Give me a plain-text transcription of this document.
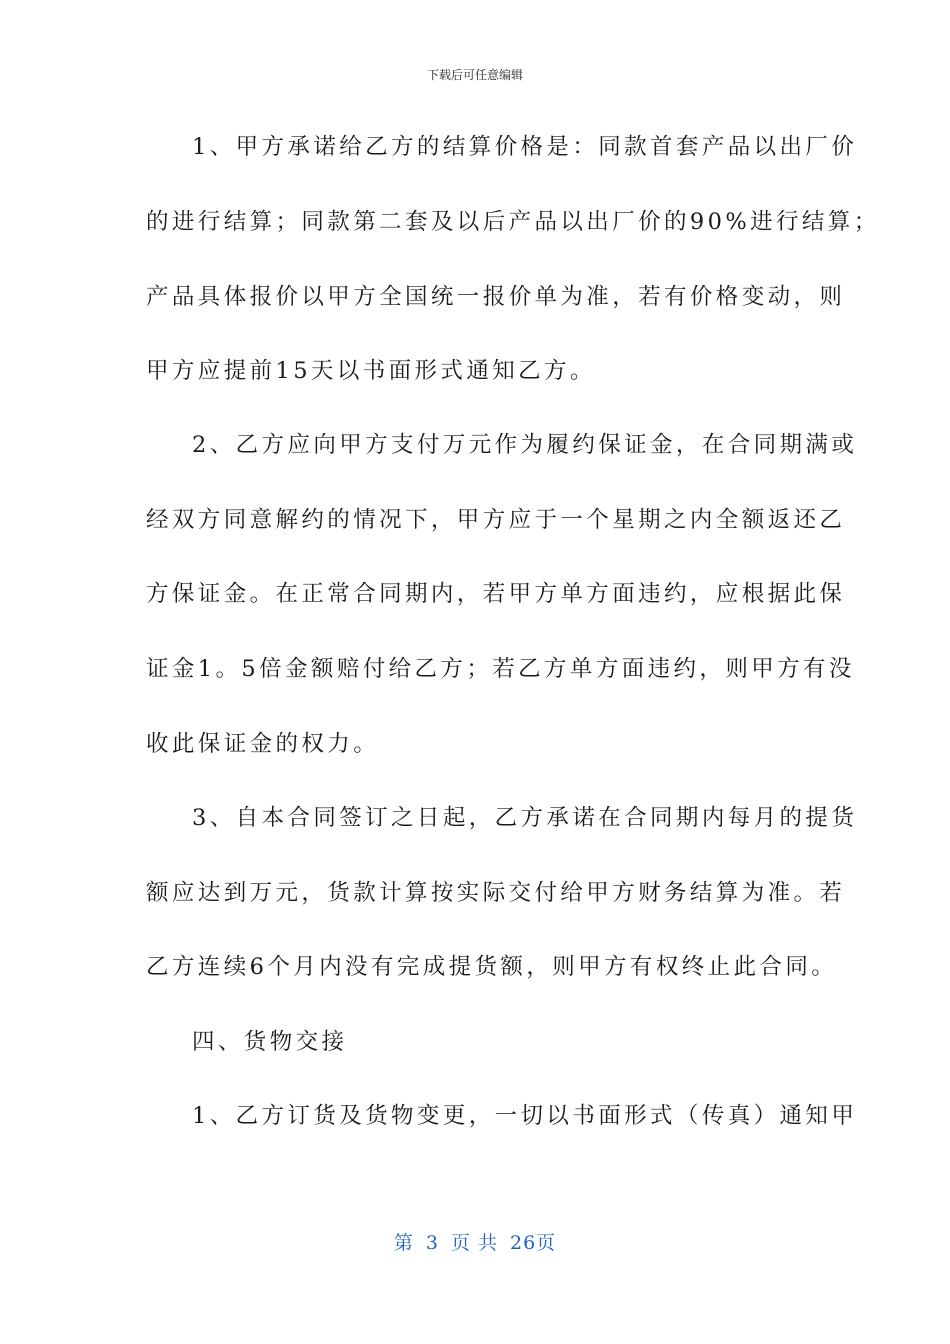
下载后可任意编辑
1、甲方承诺给乙方的结算价格是：同款首套产品以出厂价
的进行结算；同款第二套及以后产品以出厂价的90%进行结算；
产品具体报价以甲方全国统一报价单为准，若有价格变动，则
甲方应提前15天以书面形式通知乙方。
2、乙方应向甲方支付万元作为履约保证金，在合同期满或
经双方同意解约的情况下，甲方应于一个星期之内全额返还乙
方保证金。在正常合同期内，若甲方单方面违约，应根据此保
证金1。5倍金额赔付给乙方；若乙方单方面违约，则甲方有没
收此保证金的权力。
3、自本合同签订之日起，乙方承诺在合同期内每月的提货
额应达到万元，货款计算按实际交付给甲方财务结算为准。若
乙方连续6个月内没有完成提货额，则甲方有权终止此合同。
四、货物交接
1、乙方订货及货物变更，一切以书面形式（传真）通知甲
第 3 页 共 26页
